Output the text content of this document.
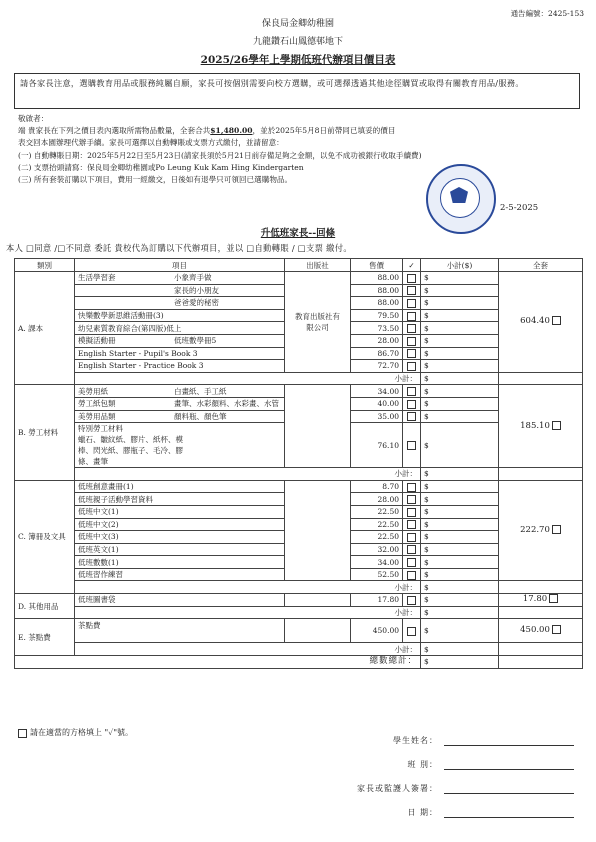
通告編號：2425-153
保良局金卿幼稚園
九龍鑽石山鳳德邨地下
2025/26學年上學期低班代辦項目價目表
請各家長注意，選購教育用品或服務純屬自願，家長可按個別需要向校方選購，或可選擇透過其他途徑購買或取得有關教育用品/服務。
敬啟者：
端 貴家長在下列之價目表內選取所需物品數量，全套合共$1,480.00，並於2025年5月8日前帶同已填妥的價目
表交回本園辦理代辦手續。家長可選擇以自動轉賬或支票方式繳付，並請留意：
(一) 自動轉賬日期：2025年5月22日至5月23日(請家長須於5月21日前存備足夠之金額，以免不成功被銀行收取手續費)
(二) 支票抬頭請寫：保良局金卿幼稚園或Po Leung Kuk Kam Hing Kindergarten
(三) 所有套裝訂購以下項目，費用一經繳交，日後如有退學只可領回已選購物品。
2-5-2025
升低班家長--回條
本人 □同意 /□不同意 委託 貴校代為訂購以下代辦項目，並以 □自動轉賬 / □支票 繳付。
類別	項目	出版社	售價	✓	小計($)	全套
A. 課本	生活學習套 小象齊手做	教育出版社有限公司	88.00		$	604.40
	家長的小朋友		88.00		$	
	爸爸愛的秘密		88.00		$	
	快樂數學新思維活動冊(3)		79.50		$	
	幼兒素質教育綜合(第四版)低上		73.50		$	
	模擬活動冊 低班數學冊5		28.00		$	
	English Starter - Pupil's Book 3		86.70		$	
	English Starter - Practice Book 3		72.70		$	
	小計：				$	
B. 勞工材料	美勞用紙 白畫紙、手工紙		34.00		$	185.10
	勞工紙包類 畫筆、水彩顏料、水彩畫、水管		40.00		$	
	美勞用品類 顏料瓶、顏色筆		35.00		$	
	特別勞工材料蠟石、皺紋紙、膠片、紙杯、模棒、閃光紙、膠瓶子、毛冷、膠條、畫筆		76.10		$	
	小計：				$	
C. 簿冊及文具	低班創意畫冊(1)		8.70		$	222.70
	低班親子活動學習資料		28.00		$	
	低班中文(1)		22.50		$	
	低班中文(2)		22.50		$	
	低班中文(3)		22.50		$	
	低班英文(1)		32.00		$	
	低班數數(1)		34.00		$	
	低班習作練習		52.50		$	
	小計：				$	
D. 其他用品	低班圖書袋		17.80		$	17.80
	小計：				$	
E. 茶點費	茶點費		450.00		$	450.00
	小計：				$	
總數總計：					$	
請在適當的方格填上 "✓"號。
學生姓名：
班 別：
家長或監護人簽署：
日 期：
